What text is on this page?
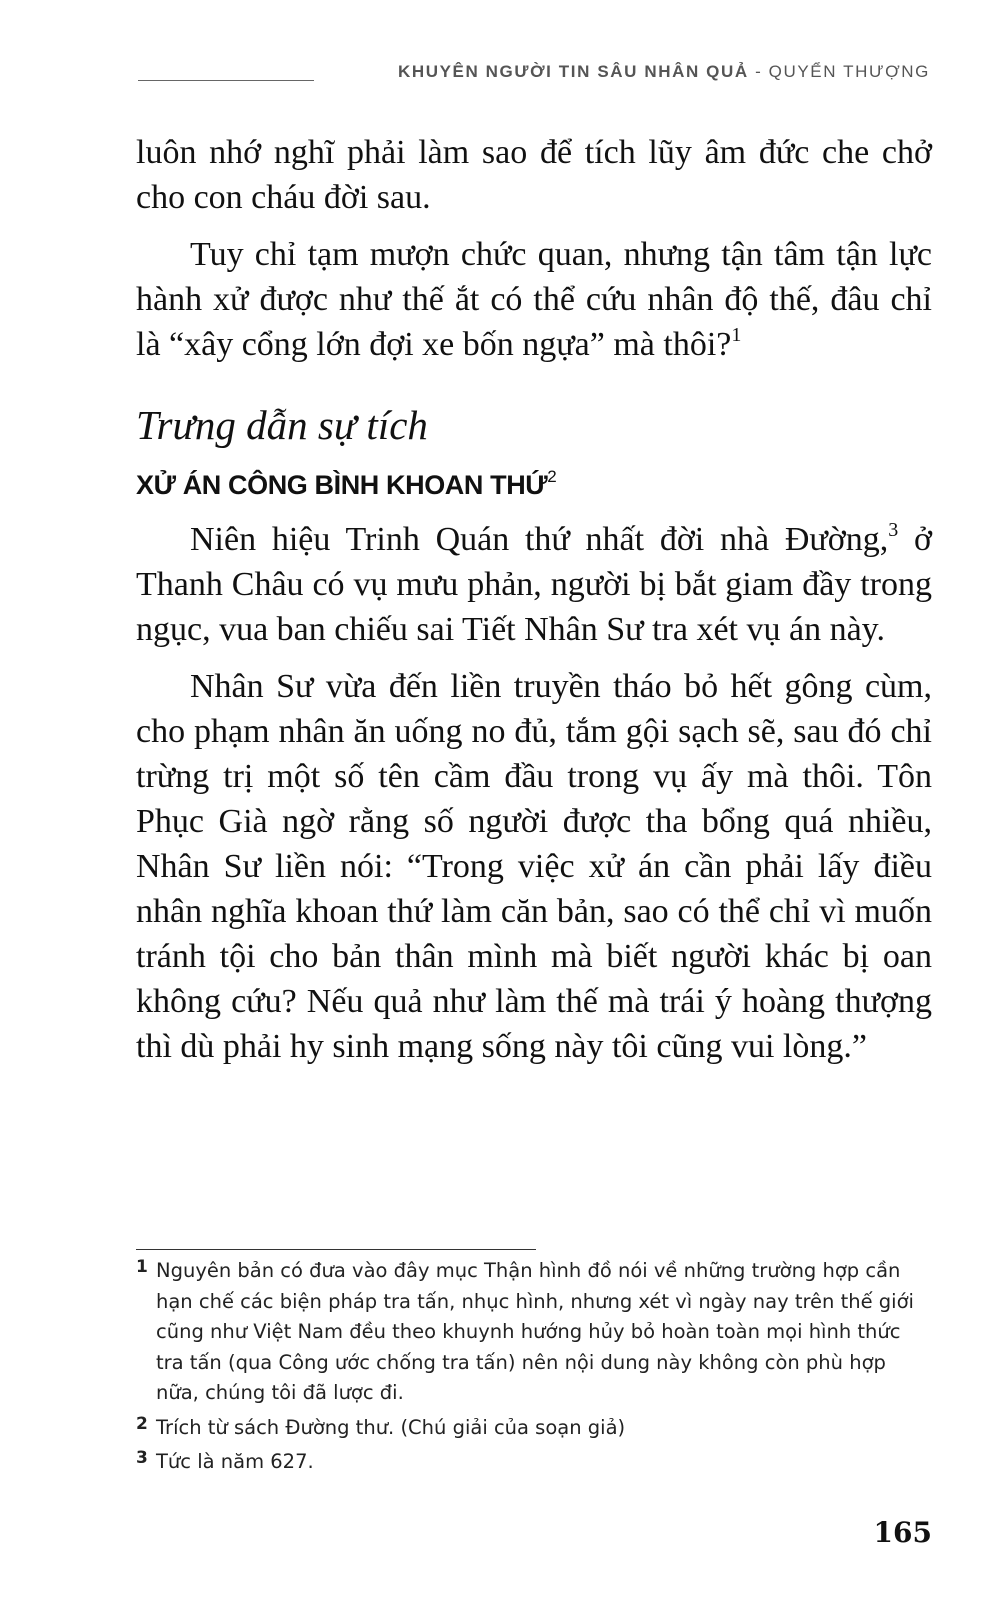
KHUYÊN NGƯỜI TIN SÂU NHÂN QUẢ - QUYỂN THƯỢNG

luôn nhớ nghĩ phải làm sao để tích lũy âm đức che chở cho con cháu đời sau.

Tuy chỉ tạm mượn chức quan, nhưng tận tâm tận lực hành xử được như thế ắt có thể cứu nhân độ thế, đâu chỉ là “xây cổng lớn đợi xe bốn ngựa” mà thôi?$^1$

Trưng dẫn sự tích
XỬ ÁN CÔNG BÌNH KHOAN THỨ$^2$

Niên hiệu Trinh Quán thứ nhất đời nhà Đường,$^3$ ở Thanh Châu có vụ mưu phản, người bị bắt giam đầy trong ngục, vua ban chiếu sai Tiết Nhân Sư tra xét vụ án này.

Nhân Sư vừa đến liền truyền tháo bỏ hết gông cùm, cho phạm nhân ăn uống no đủ, tắm gội sạch sẽ, sau đó chỉ trừng trị một số tên cầm đầu trong vụ ấy mà thôi. Tôn Phục Già ngờ rằng số người được tha bổng quá nhiều, Nhân Sư liền nói: “Trong việc xử án cần phải lấy điều nhân nghĩa khoan thứ làm căn bản, sao có thể chỉ vì muốn tránh tội cho bản thân mình mà biết người khác bị oan không cứu? Nếu quả như làm thế mà trái ý hoàng thượng thì dù phải hy sinh mạng sống này tôi cũng vui lòng.”

1 Nguyên bản có đưa vào đây mục Thận hình đồ nói về những trường hợp cần hạn chế các biện pháp tra tấn, nhục hình, nhưng xét vì ngày nay trên thế giới cũng như Việt Nam đều theo khuynh hướng hủy bỏ hoàn toàn mọi hình thức tra tấn (qua Công ước chống tra tấn) nên nội dung này không còn phù hợp nữa, chúng tôi đã lược đi.
2 Trích từ sách Đường thư. (Chú giải của soạn giả)
3 Tức là năm 627.
165
